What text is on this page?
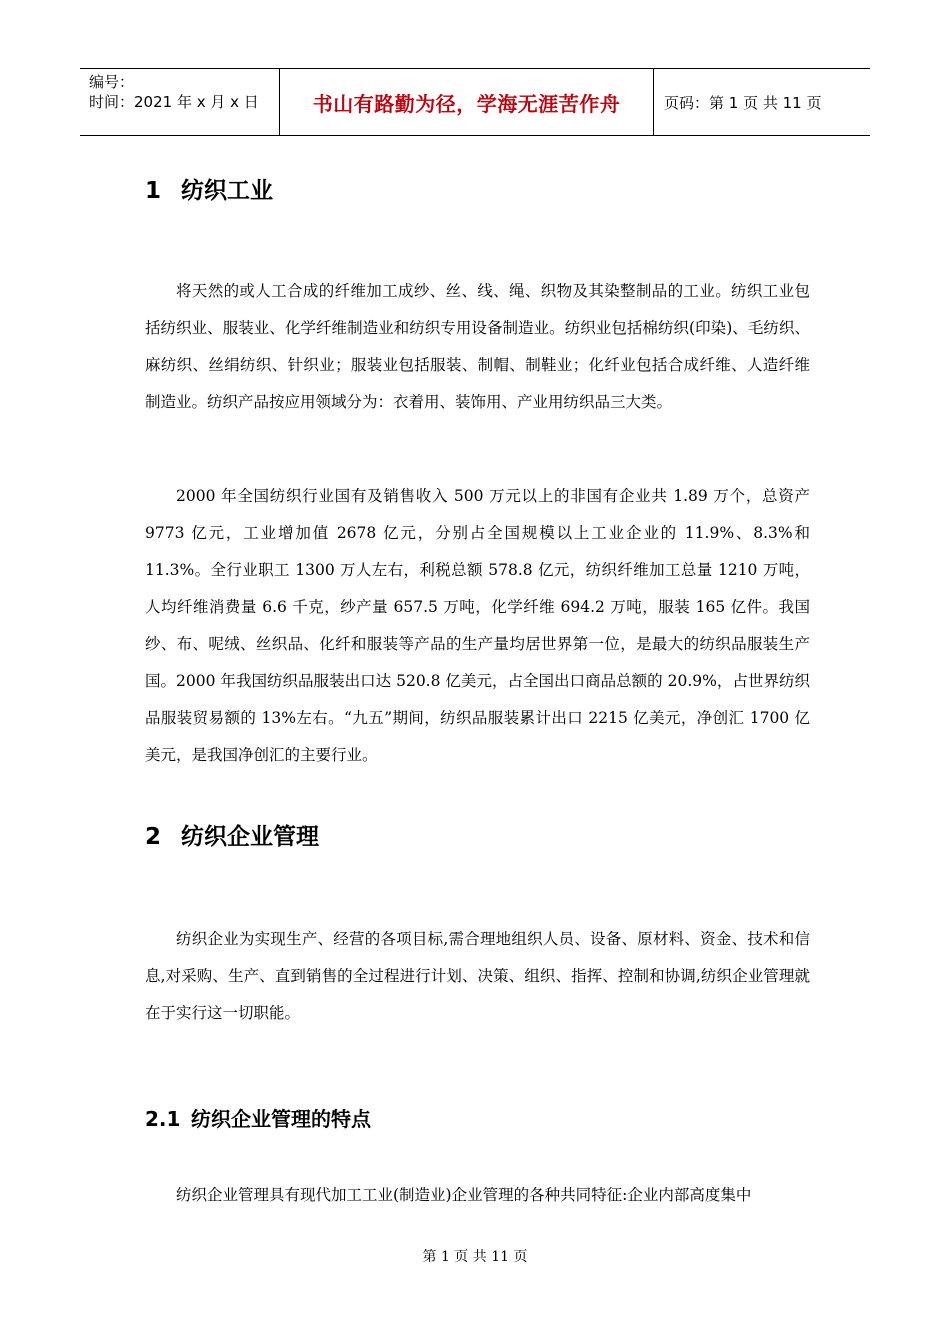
编号：
时间：2021 年 x 月 x 日	书山有路勤为径，学海无涯苦作舟	页码：第 1 页 共 11 页
1 纺织工业

将天然的或人工合成的纤维加工成纱、丝、线、绳、织物及其染整制品的工业。纺织工业包括纺织业、服装业、化学纤维制造业和纺织专用设备制造业。纺织业包括棉纺织(印染)、毛纺织、麻纺织、丝绢纺织、针织业；服装业包括服装、制帽、制鞋业；化纤业包括合成纤维、人造纤维制造业。纺织产品按应用领域分为：衣着用、装饰用、产业用纺织品三大类。

2000 年全国纺织行业国有及销售收入 500 万元以上的非国有企业共 1.89 万个，总资产 9773 亿元，工业增加值 2678 亿元，分别占全国规模以上工业企业的 11.9%、8.3%和 11.3%。全行业职工 1300 万人左右，利税总额 578.8 亿元，纺织纤维加工总量 1210 万吨，人均纤维消费量 6.6 千克，纱产量 657.5 万吨，化学纤维 694.2 万吨，服装 165 亿件。我国纱、布、呢绒、丝织品、化纤和服装等产品的生产量均居世界第一位，是最大的纺织品服装生产国。2000 年我国纺织品服装出口达 520.8 亿美元，占全国出口商品总额的 20.9%，占世界纺织品服装贸易额的 13%左右。“九五”期间，纺织品服装累计出口 2215 亿美元，净创汇 1700 亿美元，是我国净创汇的主要行业。

2 纺织企业管理

纺织企业为实现生产、经营的各项目标,需合理地组织人员、设备、原材料、资金、技术和信息,对采购、生产、直到销售的全过程进行计划、决策、组织、指挥、控制和协调,纺织企业管理就在于实行这一切职能。

2.1 纺织企业管理的特点

纺织企业管理具有现代加工工业(制造业)企业管理的各种共同特征:企业内部高度集中

第 1 页 共 11 页
